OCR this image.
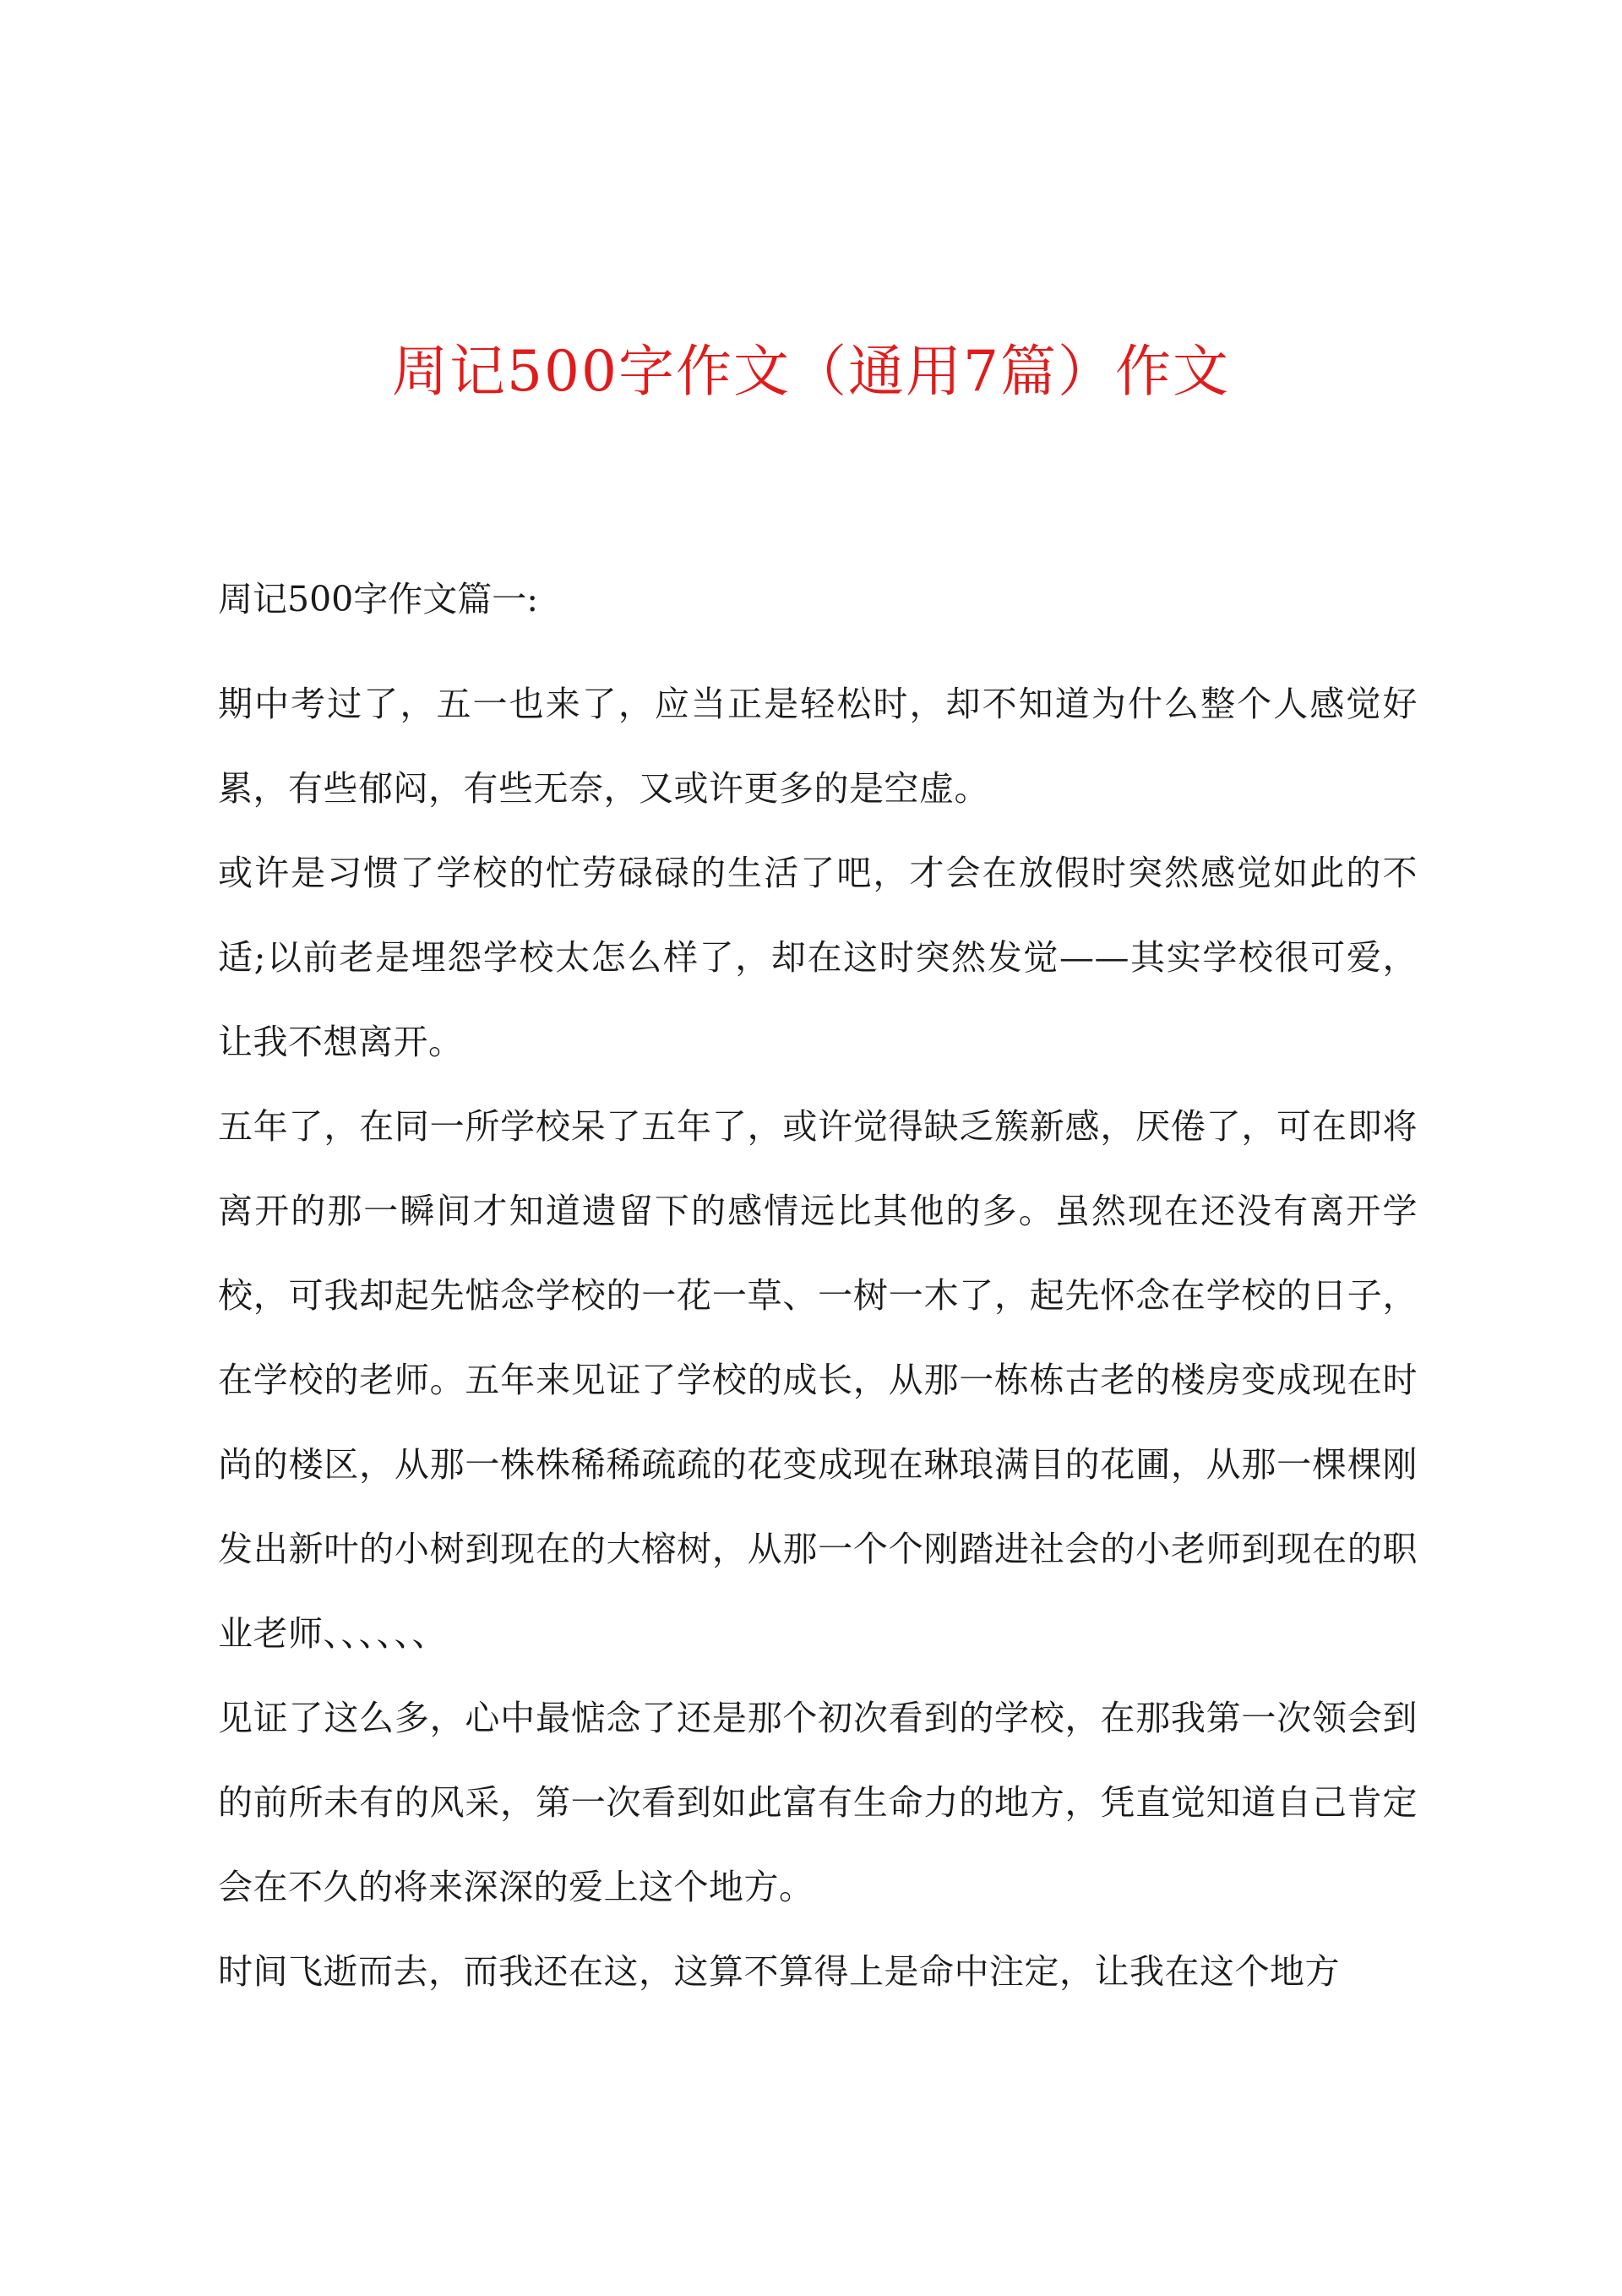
周记500字作文（通用7篇）作文

周记500字作文篇一:

期中考过了，五一也来了，应当正是轻松时，却不知道为什么整个人感觉好累，有些郁闷，有些无奈，又或许更多的是空虚。

或许是习惯了学校的忙劳碌碌的生活了吧，才会在放假时突然感觉如此的不适;以前老是埋怨学校太怎么样了，却在这时突然发觉——其实学校很可爱，让我不想离开。

五年了，在同一所学校呆了五年了，或许觉得缺乏簇新感，厌倦了，可在即将离开的那一瞬间才知道遗留下的感情远比其他的多。虽然现在还没有离开学校，可我却起先惦念学校的一花一草、一树一木了，起先怀念在学校的日子，在学校的老师。五年来见证了学校的成长，从那一栋栋古老的楼房变成现在时尚的楼区，从那一株株稀稀疏疏的花变成现在琳琅满目的花圃，从那一棵棵刚发出新叶的小树到现在的大榕树，从那一个个刚踏进社会的小老师到现在的职业老师、、、、、、

见证了这么多，心中最惦念了还是那个初次看到的学校，在那我第一次领会到的前所未有的风采，第一次看到如此富有生命力的地方，凭直觉知道自己肯定会在不久的将来深深的爱上这个地方。

时间飞逝而去，而我还在这，这算不算得上是命中注定，让我在这个地方
